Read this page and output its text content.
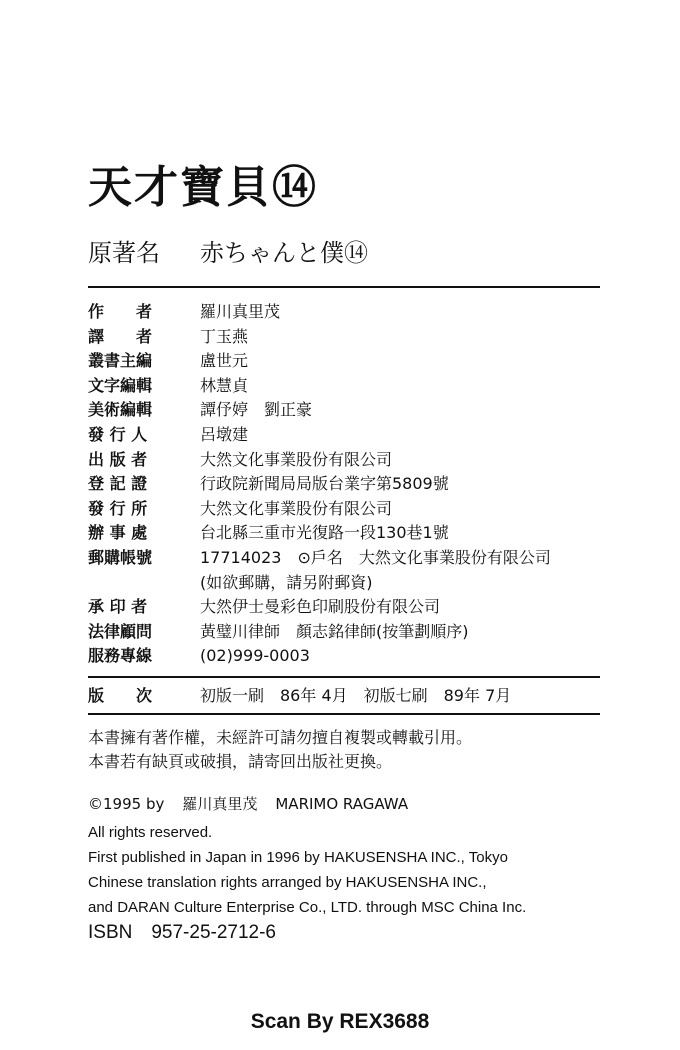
天才寶貝⑭
原著名 赤ちゃんと僕⑭
作　　者	羅川真里茂
譯　　者	丁玉燕
叢書主編	盧世元
文字編輯	林慧貞
美術編輯	譚伃婷　劉正豪
發 行 人	呂墩建
出 版 者	大然文化事業股份有限公司
登 記 證	行政院新聞局局版台業字第5809號
發 行 所	大然文化事業股份有限公司
辦 事 處	台北縣三重市光復路一段130巷1號
郵購帳號	17714023　⊙戶名　大然文化事業股份有限公司
(如欲郵購，請另附郵資)
承 印 者	大然伊士曼彩色印刷股份有限公司
法律顧問	黃璧川律師　顏志銘律師(按筆劃順序)
服務專線	(02)999-0003
版　　次	初版一刷　86年 4月　初版七刷　89年 7月
本書擁有著作權，未經許可請勿擅自複製或轉載引用。
本書若有缺頁或破損，請寄回出版社更換。
©1995 by 羅川真里茂 MARIMO RAGAWA
All rights reserved.
First published in Japan in 1996 by HAKUSENSHA INC., Tokyo
Chinese translation rights arranged by HAKUSENSHA INC.,
and DARAN Culture Enterprise Co., LTD. through MSC China Inc.
ISBN　957-25-2712-6
Scan By REX3688
